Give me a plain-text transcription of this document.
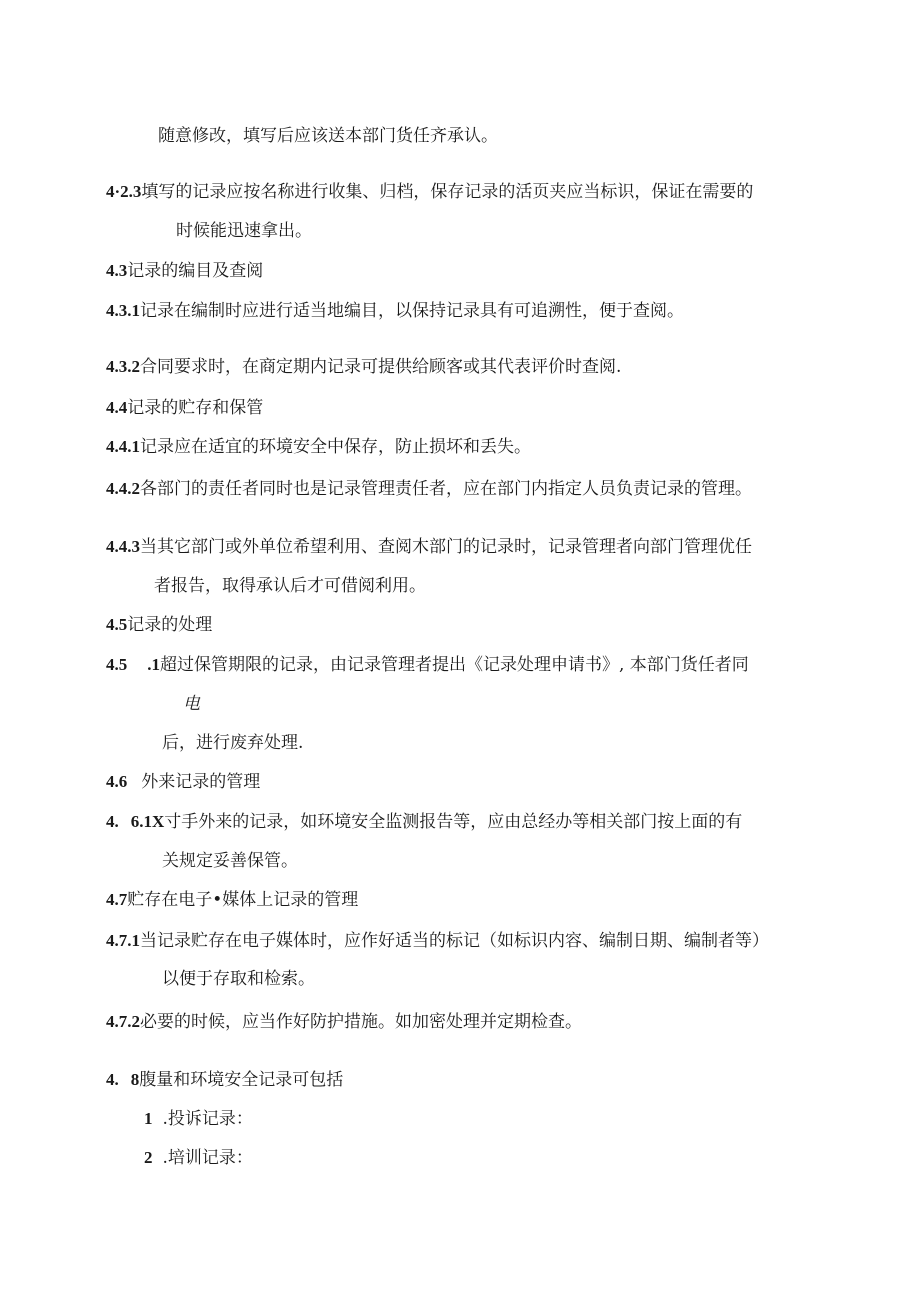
随意修改，填写后应该送本部门货任齐承认。
4·2.3填写的记录应按名称进行收集、归档，保存记录的活页夹应当标识，保证在需要的
时候能迅速拿出。
4.3记录的编目及查阅
4.3.1记录在编制时应进行适当地编目，以保持记录具有可追溯性，便于查阅。
4.3.2合同要求时，在商定期内记录可提供给顾客或其代表评价时查阅.
4.4记录的贮存和保管
4.4.1记录应在适宜的环境安全中保存，防止损坏和丢失。
4.4.2各部门的责任者同时也是记录管理责任者，应在部门内指定人员负责记录的管理。
4.4.3当其它部门或外单位希望利用、查阅木部门的记录时，记录管理者向部门管理优任
者报告，取得承认后才可借阅利用。
4.5记录的处理
4.5 .1超过保管期限的记录，由记录管理者提出《记录处理申请书》, 本部门货任者同
电
后，进行废弃处理.
4.6 外来记录的管理
4. 6.1X寸手外来的记录，如环境安全监测报告等，应由总经办等相关部门按上面的有
关规定妥善保管。
4.7贮存在电子•媒体上记录的管理
4.7.1当记录贮存在电子媒体时，应作好适当的标记（如标识内容、编制日期、编制者等）
以便于存取和检索。
4.7.2必要的时候，应当作好防护措施。如加密处理并定期检查。
4. 8腹量和环境安全记录可包括
1 .投诉记录：
2 .培训记录：
